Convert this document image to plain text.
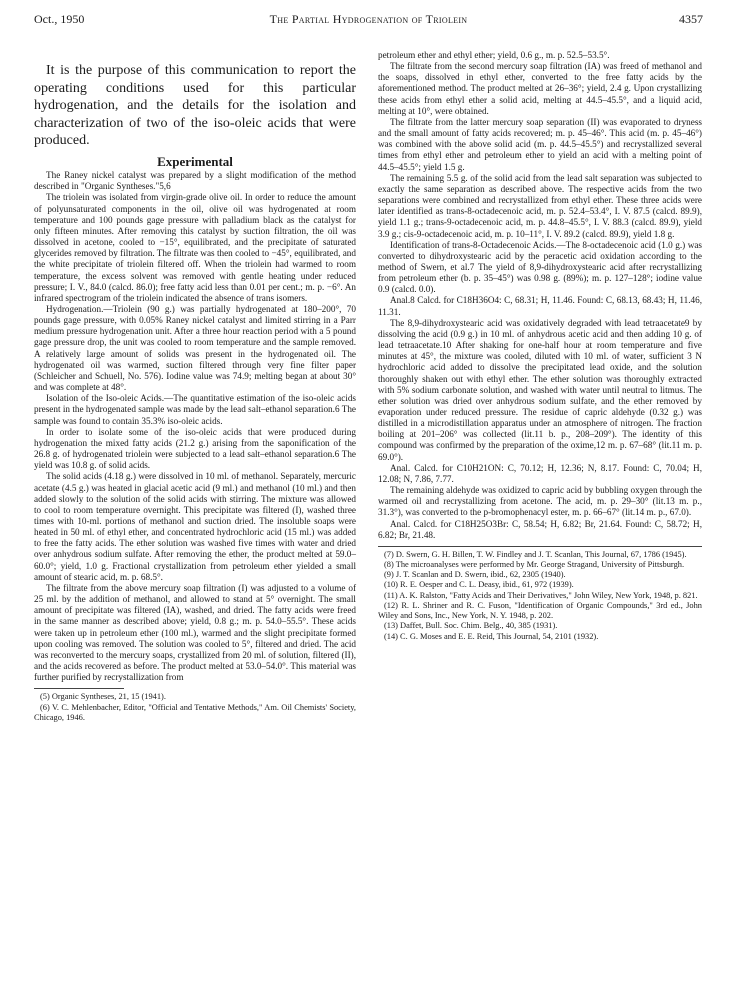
Oct., 1950	The Partial Hydrogenation of Triolein	4357

It is the purpose of this communication to report the operating conditions used for this particular hydrogenation, and the details for the isolation and characterization of two of the iso-oleic acids that were produced.

Experimental

The Raney nickel catalyst was prepared by a slight modification of the method described in "Organic Syntheses."5,6

The triolein was isolated from virgin-grade olive oil. In order to reduce the amount of polyunsaturated components in the oil, olive oil was hydrogenated at room temperature and 100 pounds gage pressure with palladium black as the catalyst for only fifteen minutes. After removing this catalyst by suction filtration, the oil was dissolved in acetone, cooled to −15°, equilibrated, and the precipitate of saturated glycerides removed by filtration. The filtrate was then cooled to −45°, equilibrated, and the white precipitate of triolein filtered off. When the triolein had warmed to room temperature, the excess solvent was removed with gentle heating under reduced pressure; I. V., 84.0 (calcd. 86.0); free fatty acid less than 0.01 per cent.; m. p. −6°. An infrared spectrogram of the triolein indicated the absence of trans isomers.

Hydrogenation.—Triolein (90 g.) was partially hydrogenated at 180–200°, 70 pounds gage pressure, with 0.05% Raney nickel catalyst and limited stirring in a Parr medium pressure hydrogenation unit. After a three hour reaction period with a 5 pound gage pressure drop, the unit was cooled to room temperature and the sample removed. A relatively large amount of solids was present in the hydrogenated oil. The hydrogenated oil was warmed, suction filtered through very fine filter paper (Schleicher and Schuell, No. 576). Iodine value was 74.9; melting began at about 30° and was complete at 48°.

Isolation of the Iso-oleic Acids.—The quantitative estimation of the iso-oleic acids present in the hydrogenated sample was made by the lead salt–ethanol separation.6 The sample was found to contain 35.3% iso-oleic acids.

In order to isolate some of the iso-oleic acids that were produced during hydrogenation the mixed fatty acids (21.2 g.) arising from the saponification of the 26.8 g. of hydrogenated triolein were subjected to a lead salt–ethanol separation.6 The yield was 10.8 g. of solid acids.

The solid acids (4.18 g.) were dissolved in 10 ml. of methanol. Separately, mercuric acetate (4.5 g.) was heated in glacial acetic acid (9 ml.) and methanol (10 ml.) and then added slowly to the solution of the solid acids with stirring. The mixture was allowed to cool to room temperature overnight. This precipitate was filtered (I), washed three times with 10-ml. portions of methanol and suction dried. The insoluble soaps were heated in 50 ml. of ethyl ether, and concentrated hydrochloric acid (15 ml.) was added to free the fatty acids. The ether solution was washed five times with water and dried over anhydrous sodium sulfate. After removing the ether, the product melted at 59.0–60.0°; yield, 1.0 g. Fractional crystallization from petroleum ether yielded a small amount of stearic acid, m. p. 68.5°.

The filtrate from the above mercury soap filtration (I) was adjusted to a volume of 25 ml. by the addition of methanol, and allowed to stand at 5° overnight. The small amount of precipitate was filtered (IA), washed, and dried. The fatty acids were freed in the same manner as described above; yield, 0.8 g.; m. p. 54.0–55.5°. These acids were taken up in petroleum ether (100 ml.), warmed and the slight precipitate formed upon cooling was removed. The solution was cooled to 5°, filtered and dried. The acid was reconverted to the mercury soaps, crystallized from 20 ml. of solution, filtered (II), and the acids recovered as before. The product melted at 53.0–54.0°. This material was further purified by recrystallization from

(5) Organic Syntheses, 21, 15 (1941).

(6) V. C. Mehlenbacher, Editor, "Official and Tentative Methods," Am. Oil Chemists' Society, Chicago, 1946.

petroleum ether and ethyl ether; yield, 0.6 g., m. p. 52.5–53.5°.

The filtrate from the second mercury soap filtration (IA) was freed of methanol and the soaps, dissolved in ethyl ether, converted to the free fatty acids by the aforementioned method. The product melted at 26–36°; yield, 2.4 g. Upon crystallizing these acids from ethyl ether a solid acid, melting at 44.5–45.5°, and a liquid acid, melting at 10°, were obtained.

The filtrate from the latter mercury soap separation (II) was evaporated to dryness and the small amount of fatty acids recovered; m. p. 45–46°. This acid (m. p. 45–46°) was combined with the above solid acid (m. p. 44.5–45.5°) and recrystallized several times from ethyl ether and petroleum ether to yield an acid with a melting point of 44.5–45.5°; yield 1.5 g.

The remaining 5.5 g. of the solid acid from the lead salt separation was subjected to exactly the same separation as described above. The respective acids from the two separations were combined and recrystallized from ethyl ether. These three acids were later identified as trans-8-octadecenoic acid, m. p. 52.4–53.4°, I. V. 87.5 (calcd. 89.9), yield 1.1 g.; trans-9-octadecenoic acid, m. p. 44.8–45.5°, I. V. 88.3 (calcd. 89.9), yield 3.9 g.; cis-9-octadecenoic acid, m. p. 10–11°, I. V. 89.2 (calcd. 89.9), yield 1.8 g.

Identification of trans-8-Octadecenoic Acids.—The 8-octadecenoic acid (1.0 g.) was converted to dihydroxystearic acid by the peracetic acid oxidation according to the method of Swern, et al.7 The yield of 8,9-dihydroxystearic acid after recrystallizing from petroleum ether (b. p. 35–45°) was 0.98 g. (89%); m. p. 127–128°; iodine value 0.9 (calcd. 0.0).

Anal.8 Calcd. for C18H36O4: C, 68.31; H, 11.46. Found: C, 68.13, 68.43; H, 11.46, 11.31.

The 8,9-dihydroxystearic acid was oxidatively degraded with lead tetraacetate9 by dissolving the acid (0.9 g.) in 10 ml. of anhydrous acetic acid and then adding 10 g. of lead tetraacetate.10 After shaking for one-half hour at room temperature and five minutes at 45°, the mixture was cooled, diluted with 10 ml. of water, sufficient 3 N hydrochloric acid added to dissolve the precipitated lead oxide, and the solution thoroughly shaken out with ethyl ether. The ether solution was thoroughly extracted with 5% sodium carbonate solution, and washed with water until neutral to litmus. The ether solution was dried over anhydrous sodium sulfate, and the ether removed by evaporation under reduced pressure. The residue of capric aldehyde (0.32 g.) was distilled in a microdistillation apparatus under an atmosphere of nitrogen. The fraction boiling at 201–206° was collected (lit.11 b. p., 208–209°). The identity of this compound was confirmed by the preparation of the oxime,12 m. p. 67–68° (lit.11 m. p. 69.0°).

Anal. Calcd. for C10H21ON: C, 70.12; H, 12.36; N, 8.17. Found: C, 70.04; H, 12.08; N, 7.86, 7.77.

The remaining aldehyde was oxidized to capric acid by bubbling oxygen through the warmed oil and recrystallizing from acetone. The acid, m. p. 29–30° (lit.13 m. p., 31.3°), was converted to the p-bromophenacyl ester, m. p. 66–67° (lit.14 m. p., 67.0).

Anal. Calcd. for C18H25O3Br: C, 58.54; H, 6.82; Br, 21.64. Found: C, 58.72; H, 6.82; Br, 21.48.

(7) D. Swern, G. H. Billen, T. W. Findley and J. T. Scanlan, This Journal, 67, 1786 (1945).

(8) The microanalyses were performed by Mr. George Stragand, University of Pittsburgh.

(9) J. T. Scanlan and D. Swern, ibid., 62, 2305 (1940).

(10) R. E. Oesper and C. L. Deasy, ibid., 61, 972 (1939).

(11) A. K. Ralston, "Fatty Acids and Their Derivatives," John Wiley, New York, 1948, p. 821.

(12) R. L. Shriner and R. C. Fuson, "Identification of Organic Compounds," 3rd ed., John Wiley and Sons, Inc., New York, N. Y. 1948, p. 202.

(13) Daffet, Bull. Soc. Chim. Belg., 40, 385 (1931).

(14) C. G. Moses and E. E. Reid, This Journal, 54, 2101 (1932).
